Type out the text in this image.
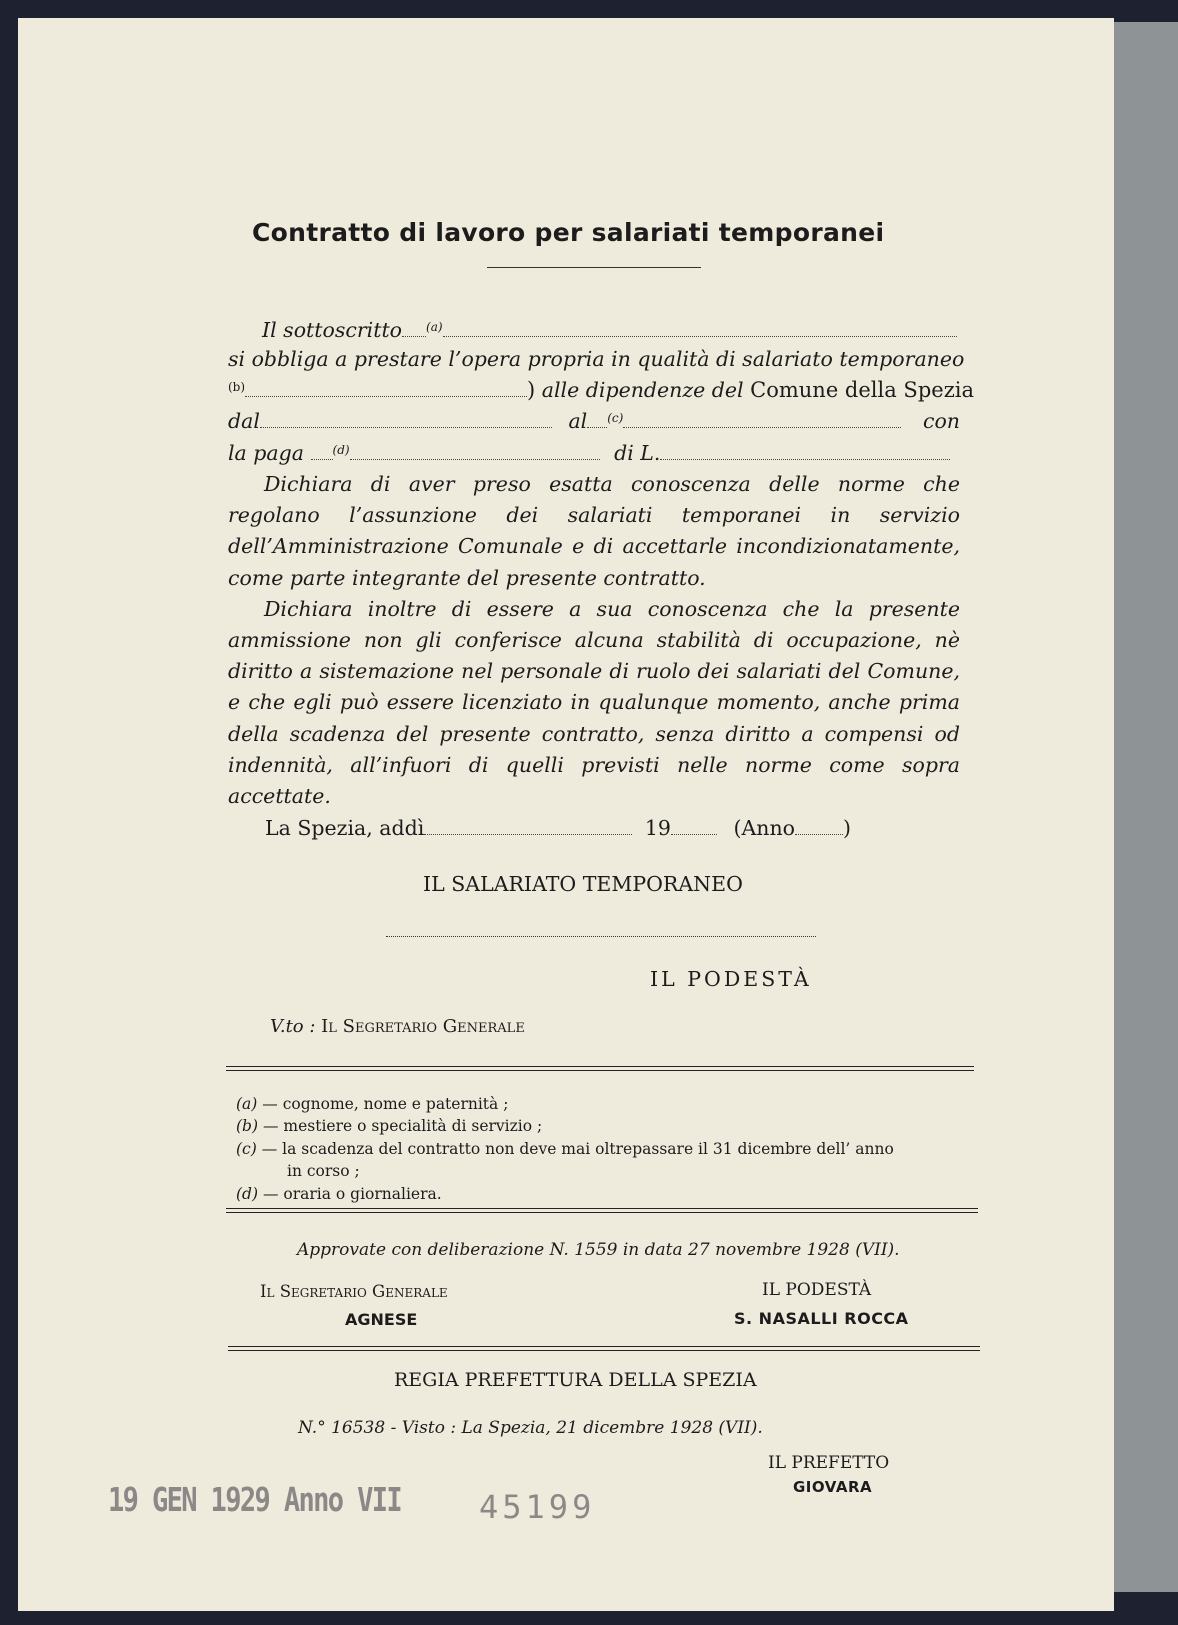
Contratto di lavoro per salariati temporanei
Il sottoscritto $^{(a)}$
si obbliga a prestare l’opera propria in qualità di salariato temporaneo
$^{(b)}$	) alle dipendenze del Comune della Spezia
dal	al $^{(c)}$	con
la paga $^{(d)}$	di L.

Dichiara di aver preso esatta conoscenza delle norme che regolano l’assunzione dei salariati temporanei in servizio dell’Amministrazione Comunale e di accettarle incondizionatamente, come parte integrante del presente contratto.

Dichiara inoltre di essere a sua conoscenza che la presente ammissione non gli conferisce alcuna stabilità di occupazione, nè diritto a sistemazione nel personale di ruolo dei salariati del Comune, e che egli può essere licenziato in qualunque momento, anche prima della scadenza del presente contratto, senza diritto a compensi od indennità, all’infuori di quelli previsti nelle norme come sopra accettate.

La Spezia, addì	19	(Anno )
IL SALARIATO TEMPORANEO
IL PODESTÀ
V.to : Il Segretario Generale
(a) — cognome, nome e paternità ;
(b) — mestiere o specialità di servizio ;
(c) — la scadenza del contratto non deve mai oltrepassare il 31 dicembre dell’ anno
in corso ;
(d) — oraria o giornaliera.
Approvate con deliberazione N. 1559 in data 27 novembre 1928 (VII).
Il Segretario Generale
AGNESE
IL PODESTÀ
S. NASALLI ROCCA
REGIA PREFETTURA DELLA SPEZIA
N.° 16538 - Visto : La Spezia, 21 dicembre 1928 (VII).
IL PREFETTO
GIOVARA
19 GEN 1929 Anno VII 45199
